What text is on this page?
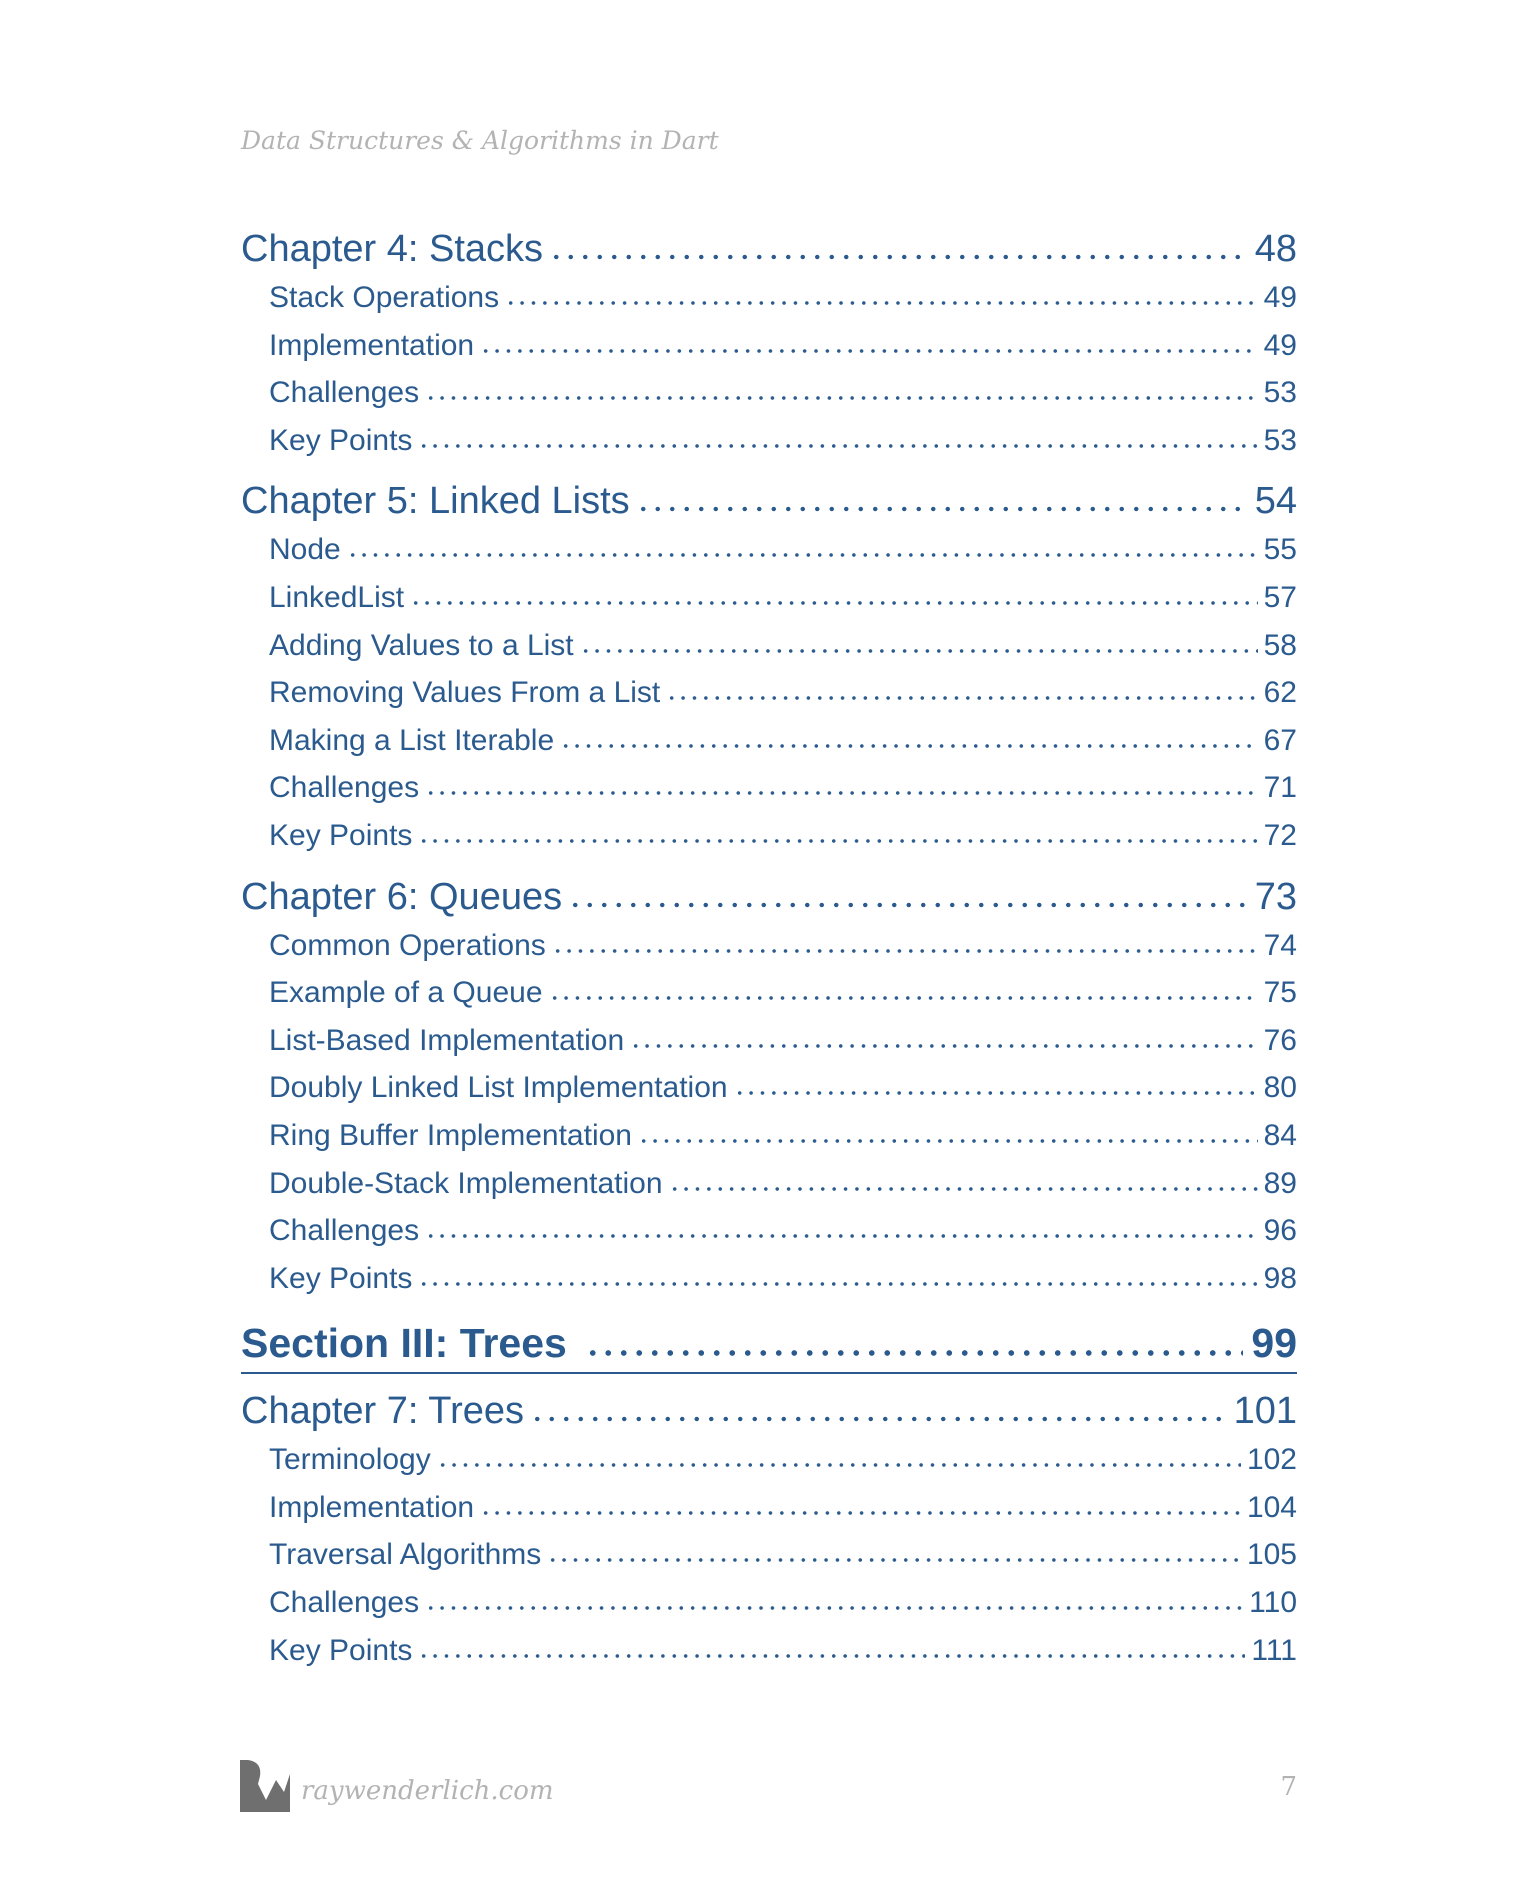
Data Structures & Algorithms in Dart
Chapter 4: Stacks	48
Stack Operations	49
Implementation	49
Challenges	53
Key Points	53
Chapter 5: Linked Lists	54
Node	55
LinkedList	57
Adding Values to a List	58
Removing Values From a List	62
Making a List Iterable	67
Challenges	71
Key Points	72
Chapter 6: Queues	73
Common Operations	74
Example of a Queue	75
List-Based Implementation	76
Doubly Linked List Implementation	80
Ring Buffer Implementation	84
Double-Stack Implementation	89
Challenges	96
Key Points	98
Section III: Trees	99
Chapter 7: Trees	101
Terminology	102
Implementation	104
Traversal Algorithms	105
Challenges	110
Key Points	111
raywenderlich.com	7
